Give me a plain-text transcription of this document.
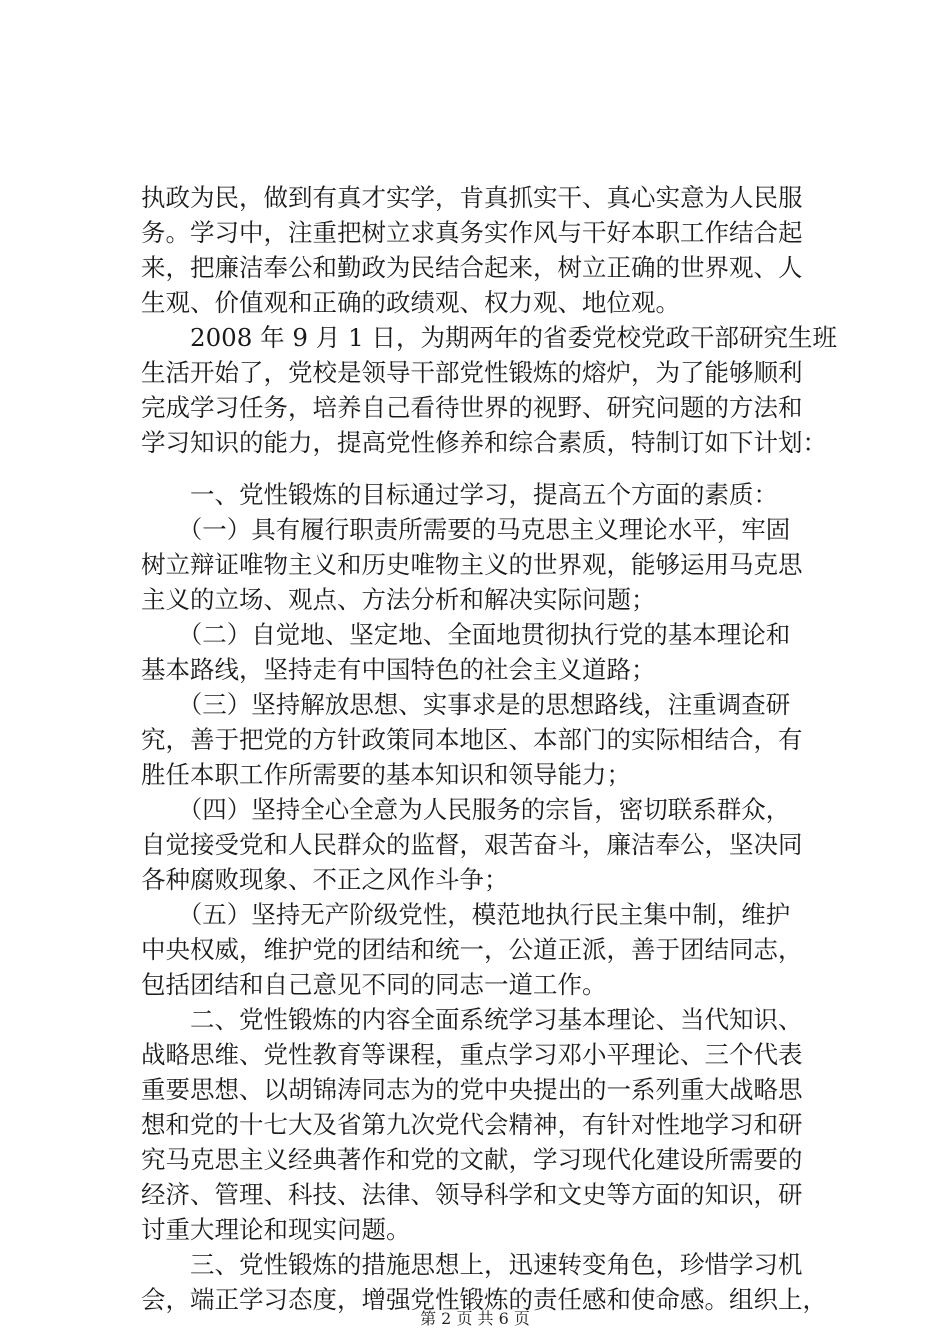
执政为民，做到有真才实学，肯真抓实干、真心实意为人民服
务。学习中，注重把树立求真务实作风与干好本职工作结合起
来，把廉洁奉公和勤政为民结合起来，树立正确的世界观、人
生观、价值观和正确的政绩观、权力观、地位观。
　　2008 年 9 月 1 日，为期两年的省委党校党政干部研究生班
生活开始了，党校是领导干部党性锻炼的熔炉，为了能够顺利
完成学习任务，培养自己看待世界的视野、研究问题的方法和
学习知识的能力，提高党性修养和综合素质，特制订如下计划：
　　一、党性锻炼的目标通过学习，提高五个方面的素质：
　　（一）具有履行职责所需要的马克思主义理论水平，牢固
树立辩证唯物主义和历史唯物主义的世界观，能够运用马克思
主义的立场、观点、方法分析和解决实际问题；
　　（二）自觉地、坚定地、全面地贯彻执行党的基本理论和
基本路线，坚持走有中国特色的社会主义道路；
　　（三）坚持解放思想、实事求是的思想路线，注重调查研
究，善于把党的方针政策同本地区、本部门的实际相结合，有
胜任本职工作所需要的基本知识和领导能力；
　　（四）坚持全心全意为人民服务的宗旨，密切联系群众，
自觉接受党和人民群众的监督，艰苦奋斗，廉洁奉公，坚决同
各种腐败现象、不正之风作斗争；
　　（五）坚持无产阶级党性，模范地执行民主集中制，维护
中央权威，维护党的团结和统一，公道正派，善于团结同志，
包括团结和自己意见不同的同志一道工作。
　　二、党性锻炼的内容全面系统学习基本理论、当代知识、
战略思维、党性教育等课程，重点学习邓小平理论、三个代表
重要思想、以胡锦涛同志为的党中央提出的一系列重大战略思
想和党的十七大及省第九次党代会精神，有针对性地学习和研
究马克思主义经典著作和党的文献，学习现代化建设所需要的
经济、管理、科技、法律、领导科学和文史等方面的知识，研
讨重大理论和现实问题。
　　三、党性锻炼的措施思想上，迅速转变角色，珍惜学习机
会，端正学习态度，增强党性锻炼的责任感和使命感。组织上，
第 2 页 共 6 页
